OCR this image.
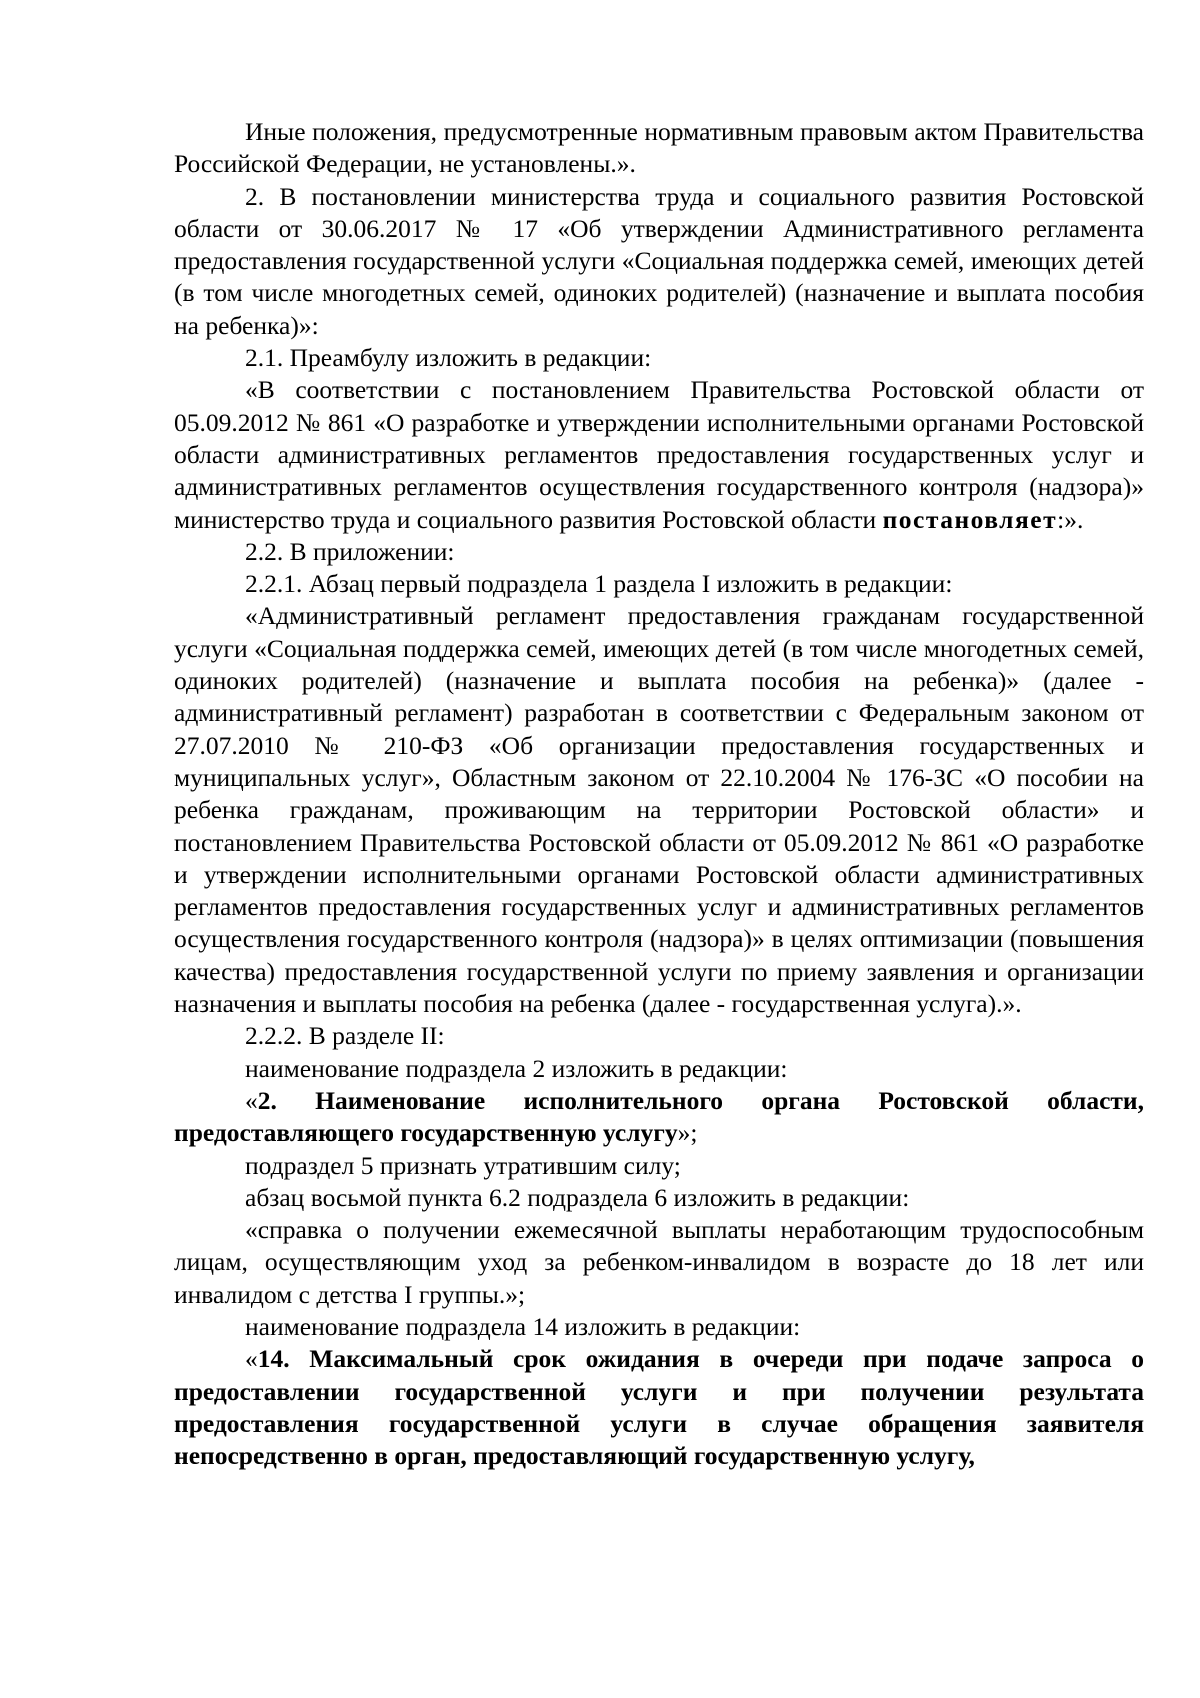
Иные положения, предусмотренные нормативным правовым актом Правительства Российской Федерации, не установлены.».

2. В постановлении министерства труда и социального развития Ростовской области от 30.06.2017 № 17 «Об утверждении Административного регламента предоставления государственной услуги «Социальная поддержка семей, имеющих детей (в том числе многодетных семей, одиноких родителей) (назначение и выплата пособия на ребенка)»:

2.1. Преамбулу изложить в редакции:

«В соответствии с постановлением Правительства Ростовской области от 05.09.2012 № 861 «О разработке и утверждении исполнительными органами Ростовской области административных регламентов предоставления государственных услуг и административных регламентов осуществления государственного контроля (надзора)» министерство труда и социального развития Ростовской области постановляет:».

2.2. В приложении:

2.2.1. Абзац первый подраздела 1 раздела I изложить в редакции:

«Административный регламент предоставления гражданам государственной услуги «Социальная поддержка семей, имеющих детей (в том числе многодетных семей, одиноких родителей) (назначение и выплата пособия на ребенка)» (далее - административный регламент) разработан в соответствии с Федеральным законом от 27.07.2010 № 210-ФЗ «Об организации предоставления государственных и муниципальных услуг», Областным законом от 22.10.2004 № 176-ЗС «О пособии на ребенка гражданам, проживающим на территории Ростовской области» и постановлением Правительства Ростовской области от 05.09.2012 № 861 «О разработке и утверждении исполнительными органами Ростовской области административных регламентов предоставления государственных услуг и административных регламентов осуществления государственного контроля (надзора)» в целях оптимизации (повышения качества) предоставления государственной услуги по приему заявления и организации назначения и выплаты пособия на ребенка (далее - государственная услуга).».

2.2.2. В разделе II:

наименование подраздела 2 изложить в редакции:

«2. Наименование исполнительного органа Ростовской области, предоставляющего государственную услугу»;

подраздел 5 признать утратившим силу;

абзац восьмой пункта 6.2 подраздела 6 изложить в редакции:

«справка о получении ежемесячной выплаты неработающим трудоспособным лицам, осуществляющим уход за ребенком-инвалидом в возрасте до 18 лет или инвалидом с детства I группы.»;

наименование подраздела 14 изложить в редакции:

«14. Максимальный срок ожидания в очереди при подаче запроса о предоставлении государственной услуги и при получении результата предоставления государственной услуги в случае обращения заявителя непосредственно в орган, предоставляющий государственную услугу,
